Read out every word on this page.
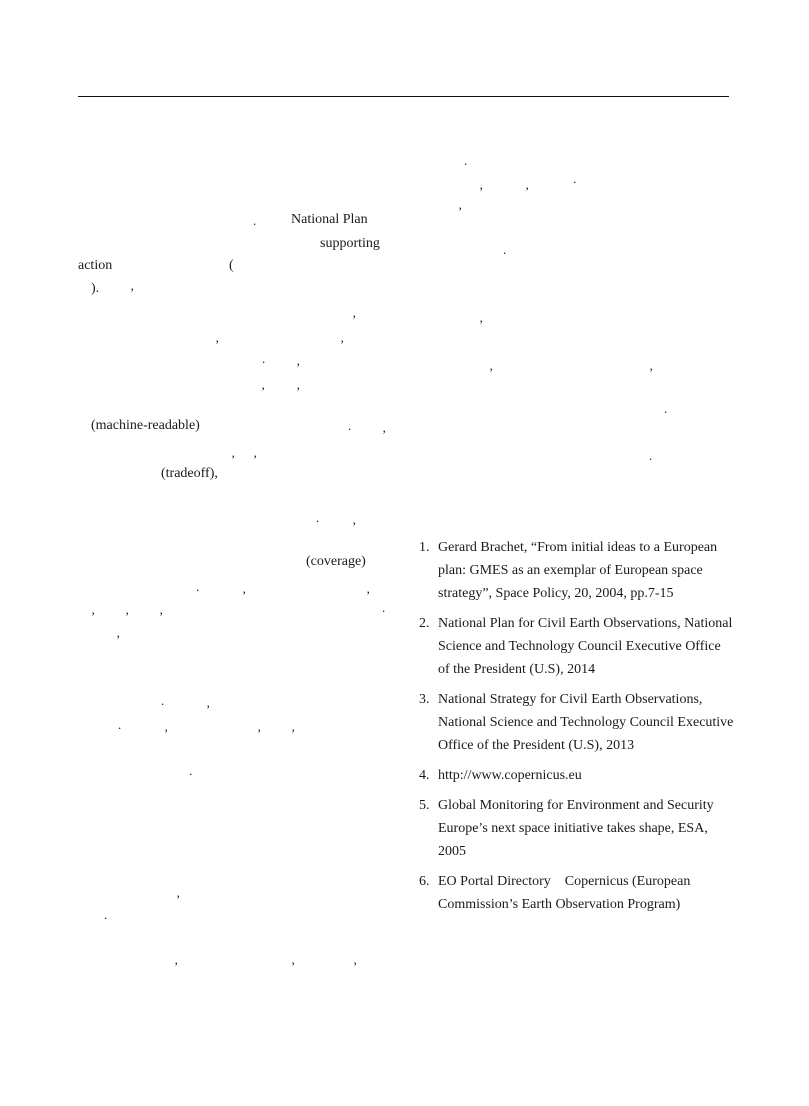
National Plan
supporting
action	(
).
(machine-readable)
(tradeoff),
(coverage)
.
‚
‚
‚	‚
. ‚
‚ ‚
. ‚
‚ ‚
.	‚
.	‚	‚
‚ ‚ ‚	.
‚
.	‚
.	‚	‚ ‚
.
‚
.
‚	‚	‚
.
‚	‚	.
‚
.
‚
‚	‚
.
.
1. Gerard Brachet, “From initial ideas to a European plan: GMES as an exemplar of European space strategy”, Space Policy, 20, 2004, pp.7-15
2. National Plan for Civil Earth Observations, National Science and Technology Council Executive Office of the President (U.S), 2014
3. National Strategy for Civil Earth Observations, National Science and Technology Council Executive Office of the President (U.S), 2013
4. http://www.copernicus.eu
5. Global Monitoring for Environment and Security Europe’s next space initiative takes shape, ESA, 2005
6. EO Portal Directory Copernicus (European Commission’s Earth Observation Program)
